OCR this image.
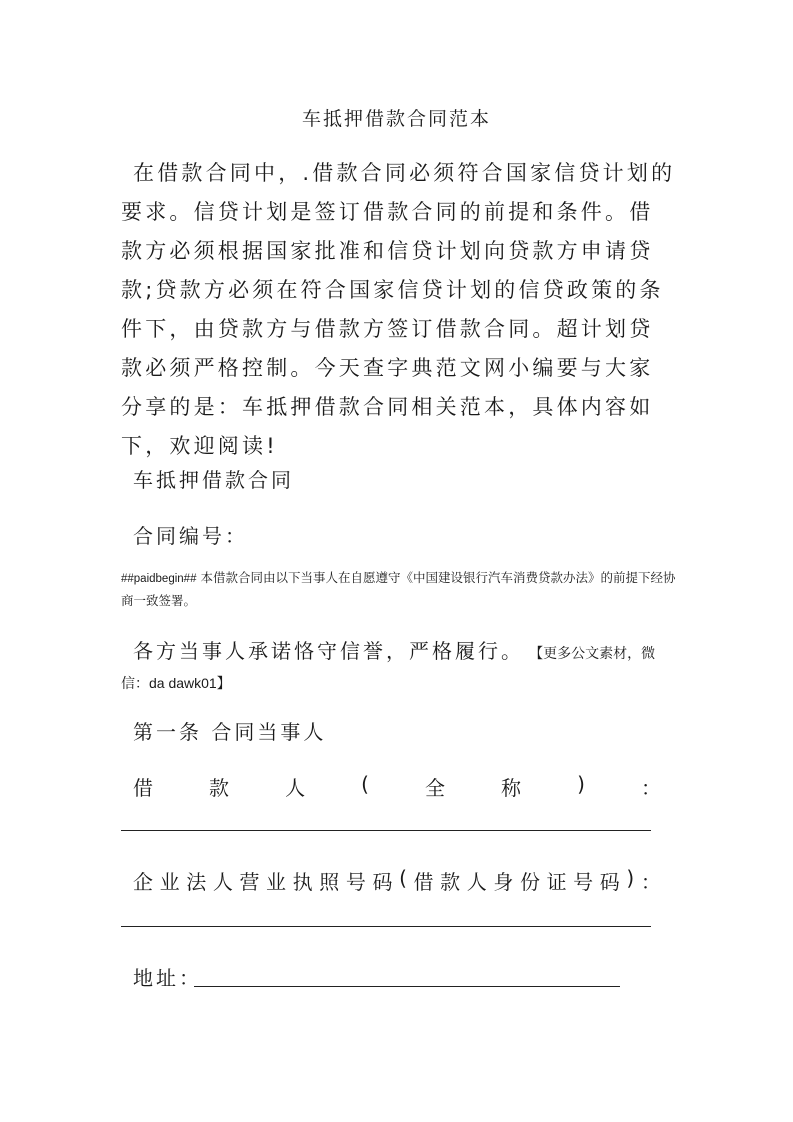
车抵押借款合同范本

在借款合同中，.借款合同必须符合国家信贷计划的要求。信贷计划是签订借款合同的前提和条件。借款方必须根据国家批准和信贷计划向贷款方申请贷款;贷款方必须在符合国家信贷计划的信贷政策的条件下，由贷款方与借款方签订借款合同。超计划贷款必须严格控制。今天查字典范文网小编要与大家分享的是：车抵押借款合同相关范本，具体内容如下，欢迎阅读!

车抵押借款合同

合同编号：

##paidbegin## 本借款合同由以下当事人在自愿遵守《中国建设银行汽车消费贷款办法》的前提下经协商一致签署。

各方当事人承诺恪守信誉，严格履行。 【更多公文素材，微信：da dawk01】

第一条 合同当事人

借	款	人	(	全	称	)	：
企 业 法 人 营 业 执 照 号 码 ( 借 款 人 身 份 证 号 码 ) ：

地址：
